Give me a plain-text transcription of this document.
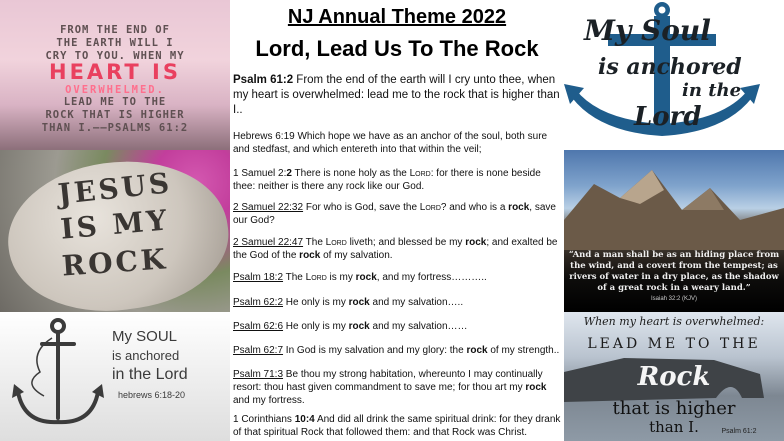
FROM THE END OF
THE EARTH WILL I
CRY TO YOU. WHEN MY
HEART IS
OVERWHELMED.
LEAD ME TO THE
ROCK THAT IS HIGHER
THAN I.——PSALMS 61:2
JESUS
IS MY
ROCK
My SOUL
is anchored
in the Lord
hebrews 6:18-20
NJ Annual Theme 2022
Lord, Lead Us To The Rock
Psalm 61:2 From the end of the earth will I cry unto thee, when my heart is overwhelmed: lead me to the rock that is higher than I..
Hebrews 6:19 Which hope we have as an anchor of the soul, both sure and stedfast, and which entereth into that within the veil;
1 Samuel 2:2 There is none holy as the Lord: for there is none beside thee: neither is there any rock like our God.
2 Samuel 22:32 For who is God, save the Lord? and who is a rock, save our God?
2 Samuel 22:47 The Lord liveth; and blessed be my rock; and exalted be the God of the rock of my salvation.
Psalm 18:2 The Lord is my rock, and my fortress………..
Psalm 62:2 He only is my rock and my salvation…..
Psalm 62:6 He only is my rock and my salvation……
Psalm 62:7 In God is my salvation and my glory: the rock of my strength..
Psalm 71:3 Be thou my strong habitation, whereunto I may continually resort: thou hast given commandment to save me; for thou art my rock and my fortress.
1 Corinthians 10:4 And did all drink the same spiritual drink: for they drank of that spiritual Rock that followed them: and that Rock was Christ.
My Soul
is anchored
in the
Lord
“And a man shall be as an hiding place from the wind, and a covert from the tempest; as rivers of water in a dry place, as the shadow of a great rock in a weary land.”
Isaiah 32:2 (KJV)
When my heart is overwhelmed:
LEAD ME TO THE
Rock
that is higher
than I.	Psalm 61:2
